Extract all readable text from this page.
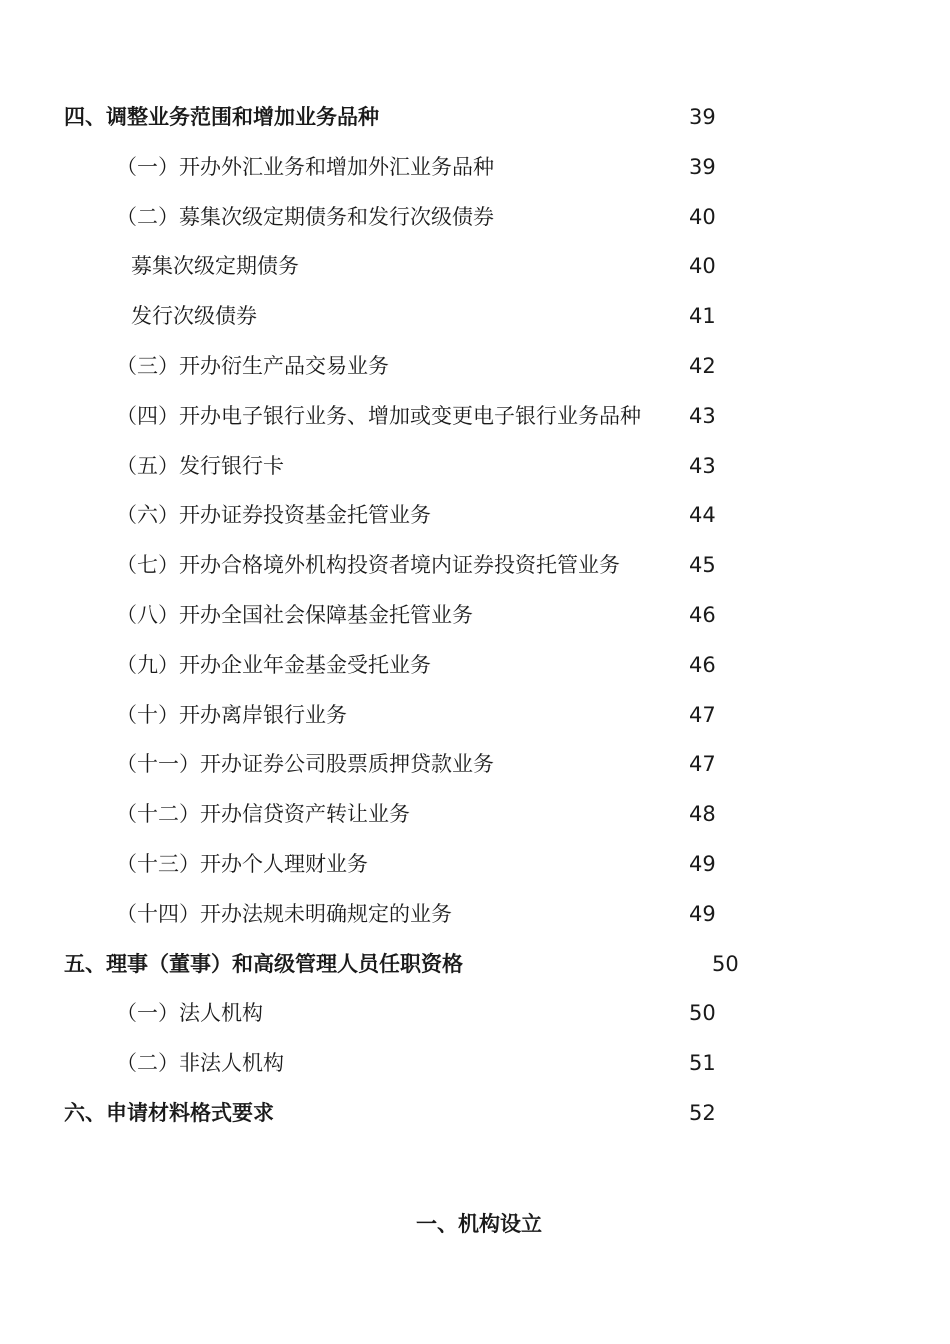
四、调整业务范围和增加业务品种	39
（一）开办外汇业务和增加外汇业务品种	39
（二）募集次级定期债务和发行次级债券	40
募集次级定期债务	40
发行次级债券	41
（三）开办衍生产品交易业务	42
（四）开办电子银行业务、增加或变更电子银行业务品种 43
（五）发行银行卡	43
（六）开办证券投资基金托管业务	44
（七）开办合格境外机构投资者境内证券投资托管业务	45
（八）开办全国社会保障基金托管业务	46
（九）开办企业年金基金受托业务	46
（十）开办离岸银行业务	47
（十一）开办证券公司股票质押贷款业务	47
（十二）开办信贷资产转让业务	48
（十三）开办个人理财业务	49
（十四）开办法规未明确规定的业务	49
五、理事（董事）和高级管理人员任职资格	50
（一）法人机构	50
（二）非法人机构	51
六、申请材料格式要求	52
一、机构设立
